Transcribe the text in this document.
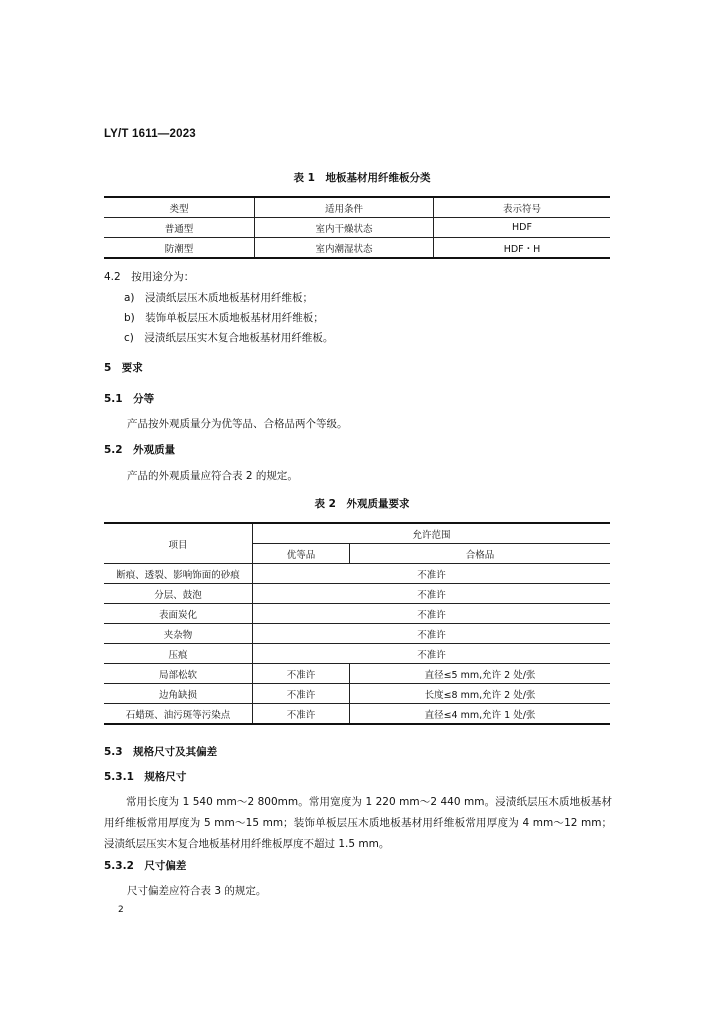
LY/T 1611—2023
表 1　地板基材用纤维板分类
类型	适用条件	表示符号
普通型	室内干燥状态	HDF
防潮型	室内潮湿状态	HDF・H
4.2　按用途分为：
a)　浸渍纸层压木质地板基材用纤维板；
b)　装饰单板层压木质地板基材用纤维板；
c)　浸渍纸层压实木复合地板基材用纤维板。
5　要求
5.1　分等
产品按外观质量分为优等品、合格品两个等级。
5.2　外观质量
产品的外观质量应符合表 2 的规定。
表 2　外观质量要求
项目	允许范围	
	优等品	合格品
断痕、透裂、影响饰面的砂痕	不准许	
分层、鼓泡	不准许	
表面炭化	不准许	
夹杂物	不准许	
压痕	不准许	
局部松软	不准许	直径≤5 mm,允许 2 处/张
边角缺损	不准许	长度≤8 mm,允许 2 处/张
石蜡斑、油污斑等污染点	不准许	直径≤4 mm,允许 1 处/张
5.3　规格尺寸及其偏差
5.3.1　规格尺寸
常用长度为 1 540 mm～2 800mm。常用宽度为 1 220 mm～2 440 mm。浸渍纸层压木质地板基材用纤维板常用厚度为 5 mm～15 mm；装饰单板层压木质地板基材用纤维板常用厚度为 4 mm～12 mm；浸渍纸层压实木复合地板基材用纤维板厚度不超过 1.5 mm。
5.3.2　尺寸偏差
尺寸偏差应符合表 3 的规定。
2
